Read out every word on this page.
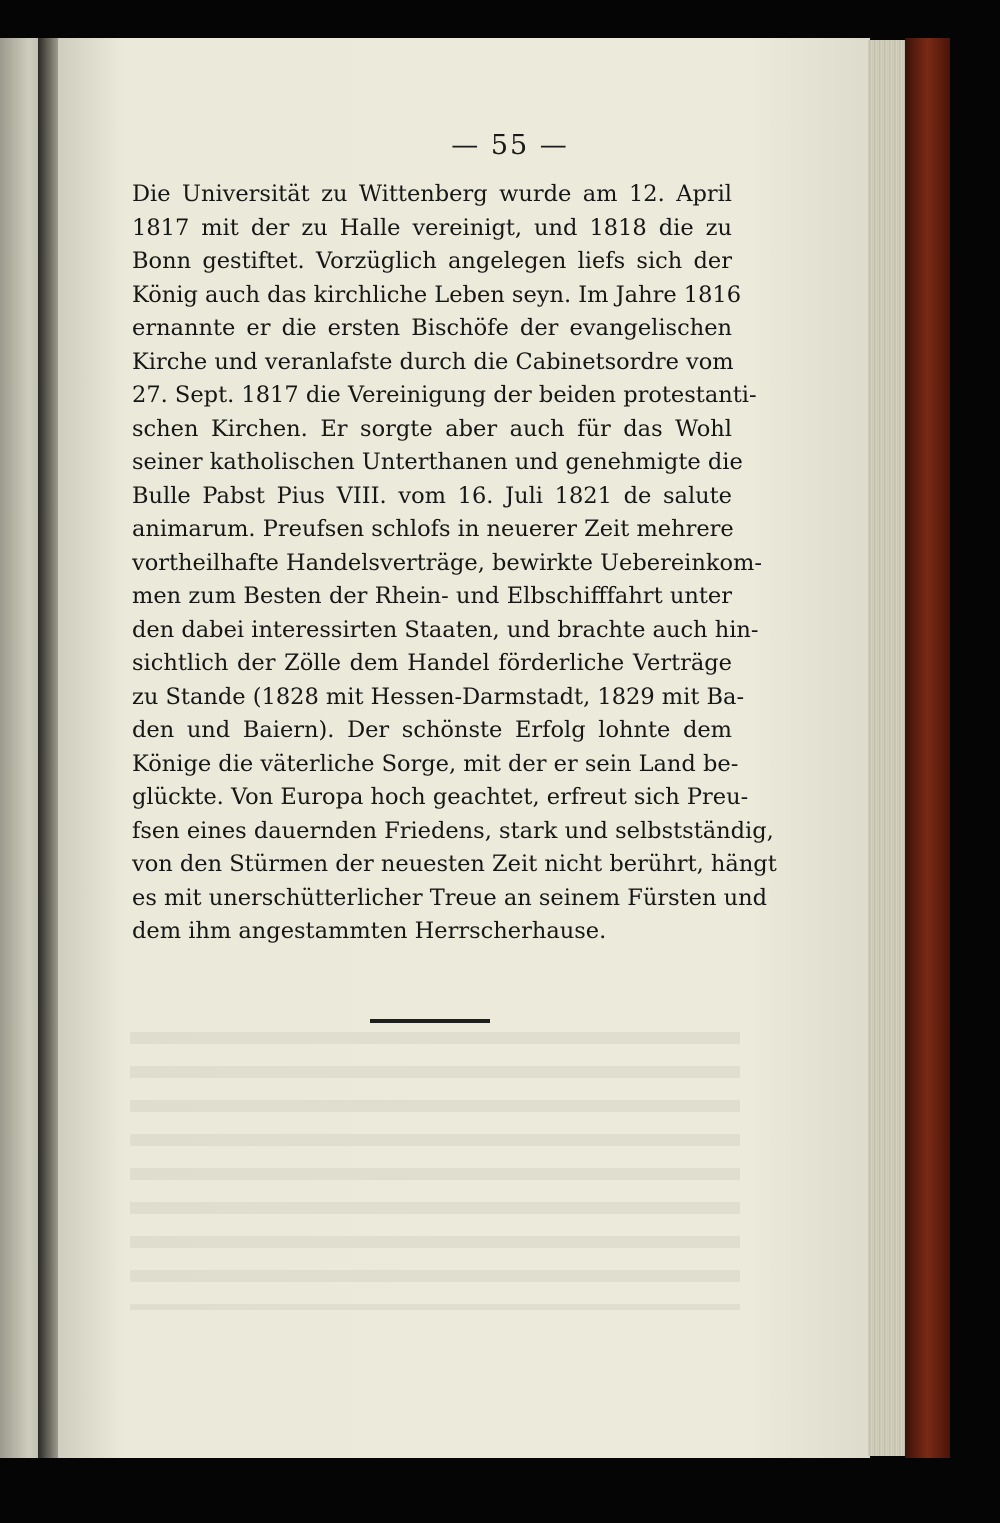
— 55 —
Die Universität zu Wittenberg wurde am 12. April
1817 mit der zu Halle vereinigt, und 1818 die zu
Bonn gestiftet. Vorzüglich angelegen liefs sich der
König auch das kirchliche Leben seyn. Im Jahre 1816
ernannte er die ersten Bischöfe der evangelischen
Kirche und veranlafste durch die Cabinetsordre vom
27. Sept. 1817 die Vereinigung der beiden protestanti-
schen Kirchen. Er sorgte aber auch für das Wohl
seiner katholischen Unterthanen und genehmigte die
Bulle Pabst Pius VIII. vom 16. Juli 1821 de salute
animarum. Preufsen schlofs in neuerer Zeit mehrere
vortheilhafte Handelsverträge, bewirkte Uebereinkom-
men zum Besten der Rhein- und Elbschifffahrt unter
den dabei interessirten Staaten, und brachte auch hin-
sichtlich der Zölle dem Handel förderliche Verträge
zu Stande (1828 mit Hessen-Darmstadt, 1829 mit Ba-
den und Baiern). Der schönste Erfolg lohnte dem
Könige die väterliche Sorge, mit der er sein Land be-
glückte. Von Europa hoch geachtet, erfreut sich Preu-
fsen eines dauernden Friedens, stark und selbstständig,
von den Stürmen der neuesten Zeit nicht berührt, hängt
es mit unerschütterlicher Treue an seinem Fürsten und
dem ihm angestammten Herrscherhause.
